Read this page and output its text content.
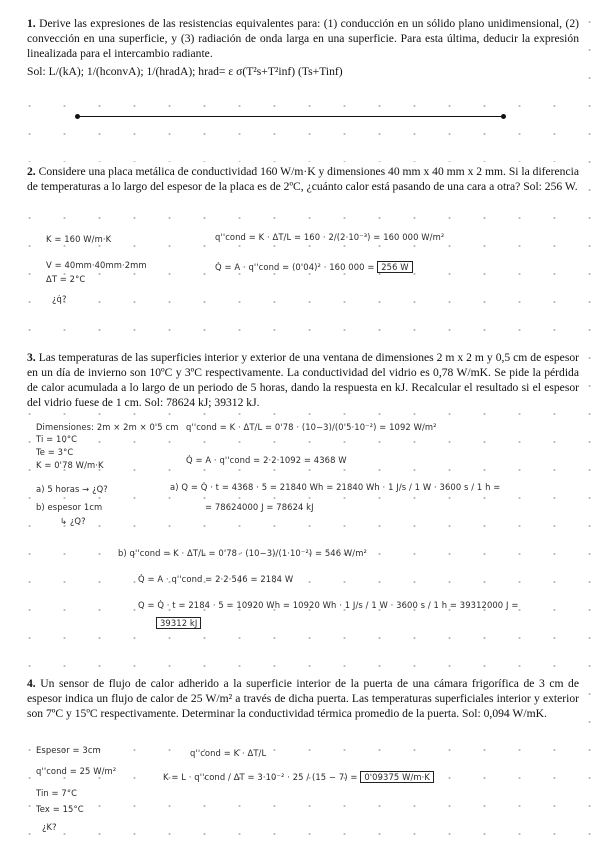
1. Derive las expresiones de las resistencias equivalentes para: (1) conducción en un sólido plano unidimensional, (2) convección en una superficie, y (3) radiación de onda larga en una superficie. Para esta última, deducir la expresión linealizada para el intercambio radiante.
Sol: L/(kA); 1/(hconvA); 1/(hradA); hrad= ε σ(T²s+T²inf) (Ts+Tinf)
2. Considere una placa metálica de conductividad 160 W/m·K y dimensiones 40 mm x 40 mm x 2 mm. Si la diferencia de temperaturas a lo largo del espesor de la placa es de 2ºC, ¿cuánto calor está pasando de una cara a otra? Sol: 256 W.
K = 160 W/m·K	q''cond = K · ΔT/L = 160 · 2/(2·10⁻³) = 160 000 W/m²
V = 40mm·40mm·2mm	Q̇ = A · q''cond = (0'04)² · 160 000 = 256 W
ΔT = 2°C
¿q̇?
3. Las temperaturas de las superficies interior y exterior de una ventana de dimensiones 2 m x 2 m y 0,5 cm de espesor en un día de invierno son 10ºC y 3ºC respectivamente. La conductividad del vidrio es 0,78 W/mK. Se pide la pérdida de calor acumulada a lo largo de un periodo de 5 horas, dando la respuesta en kJ. Recalcular el resultado si el espesor del vidrio fuese de 1 cm. Sol: 78624 kJ; 39312 kJ.
Dimensiones: 2m × 2m × 0'5 cm q''cond = K · ΔT/L = 0'78 · (10−3)/(0'5·10⁻²) = 1092 W/m²
Ti = 10°C
Te = 3°C
Q̇ = A · q''cond = 2·2·1092 = 4368 W
K = 0'78 W/m·K
a) 5 horas → ¿Q?	a) Q = Q̇ · t = 4368 · 5 = 21840 Wh = 21840 Wh · 1 J/s / 1 W · 3600 s / 1 h =
b) espesor 1cm	= 78624000 J = 78624 kJ
↳ ¿Q?
b) q''cond = K · ΔT/L = 0'78 · (10−3)/(1·10⁻²) = 546 W/m²
Q̇ = A · q''cond = 2·2·546 = 2184 W
Q = Q̇ · t = 2184 · 5 = 10920 Wh = 10920 Wh · 1 J/s / 1 W · 3600 s / 1 h = 39312000 J =
39312 kJ
4. Un sensor de flujo de calor adherido a la superficie interior de la puerta de una cámara frigorífica de 3 cm de espesor indica un flujo de calor de 25 W/m² a través de dicha puerta. Las temperaturas superficiales interior y exterior son 7ºC y 15ºC respectivamente. Determinar la conductividad térmica promedio de la puerta. Sol: 0,094 W/mK.
Espesor = 3cm	q''cond = K · ΔT/L
q''cond = 25 W/m²
K = L · q''cond / ΔT = 3·10⁻² · 25 / (15 − 7) = 0'09375 W/m·K
Tin = 7°C
Tex = 15°C
¿K?
